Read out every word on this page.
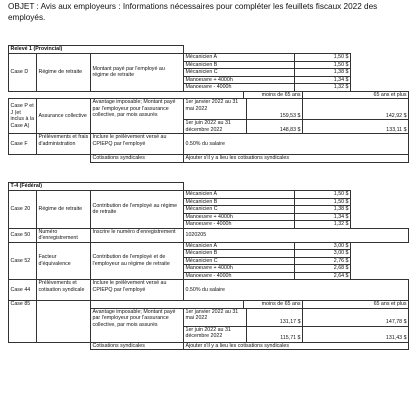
OBJET : Avis aux employeurs : Informations nécessaires pour compléter les feuillets fiscaux 2022 des employés.
Relevé 1 (Provincial)								
Case D	Régime de retraite	Montant payé par l'employé au régime de retraite	Mécanicien A			1,50 $		
			Mécanicien B			1,50 $		
			Mécanicien C			1,38 $		
			Manoeuvre + 4000h			1,34 $		
			Manoeuvre - 4000h			1,32 $		
				moins de 65 ans			65 ans et plus	
Case P et J (et inclus à la Case A)	Assurance collective	Avantage imposable; Montant payé par l'employeur pour l'assurance collective, par mois assurés	1er janvier 2022 au 31 mai 2022		159,53 $		142,92 $	
			1er juin 2022 au 31 décembre 2022		148,83 $		133,11 $	
Case F	Prélèvements et frais d'administration	Inclure le prélèvement versé au CPIEPQ par l'employé	0.50% du salaire					
		Cotisations syndicales	Ajouter s'il y a lieu les cotisations syndicales					
T-4 (Fédéral)								
Case 20	Régime de retraite	Contribution de l'employé au régime de retraite	Mécanicien A			1,50 $		
			Mécanicien B			1,50 $		
			Mécanicien C			1,38 $		
			Manoeuvre + 4000h			1,34 $		
			Manoeuvre - 4000h			1,32 $		
Case 50	Numéro d'enregistrement	Inscrire le numéro d'enregistrement	1020205					
Case 52	Facteur d'équivalence	Contribution de l'employé et de l'employeur au régime de retraite	Mécanicien A			3,00 $		
			Mécanicien B			3,00 $		
			Mécanicien C			2,76 $		
			Manoeuvre + 4000h			2,68 $		
			Manoeuvre - 4000h			2,64 $		
Case 44	Prélèvements et cotisation syndicale	Inclure le prélèvement versé au CPIEPQ par l'employé	0.50% du salaire					
Case 85				moins de 65 ans			65 ans et plus	
		Avantage imposable; Montant payé par l'employeur pour l'assurance collective, par mois assurés	1er janvier 2022 au 31 mai 2022		131,17 $		147,78 $	
			1er juin 2022 au 31 décembre 2022		115,71 $		131,43 $	
		Cotisations syndicales	Ajouter s'il y a lieu les cotisations syndicales					
